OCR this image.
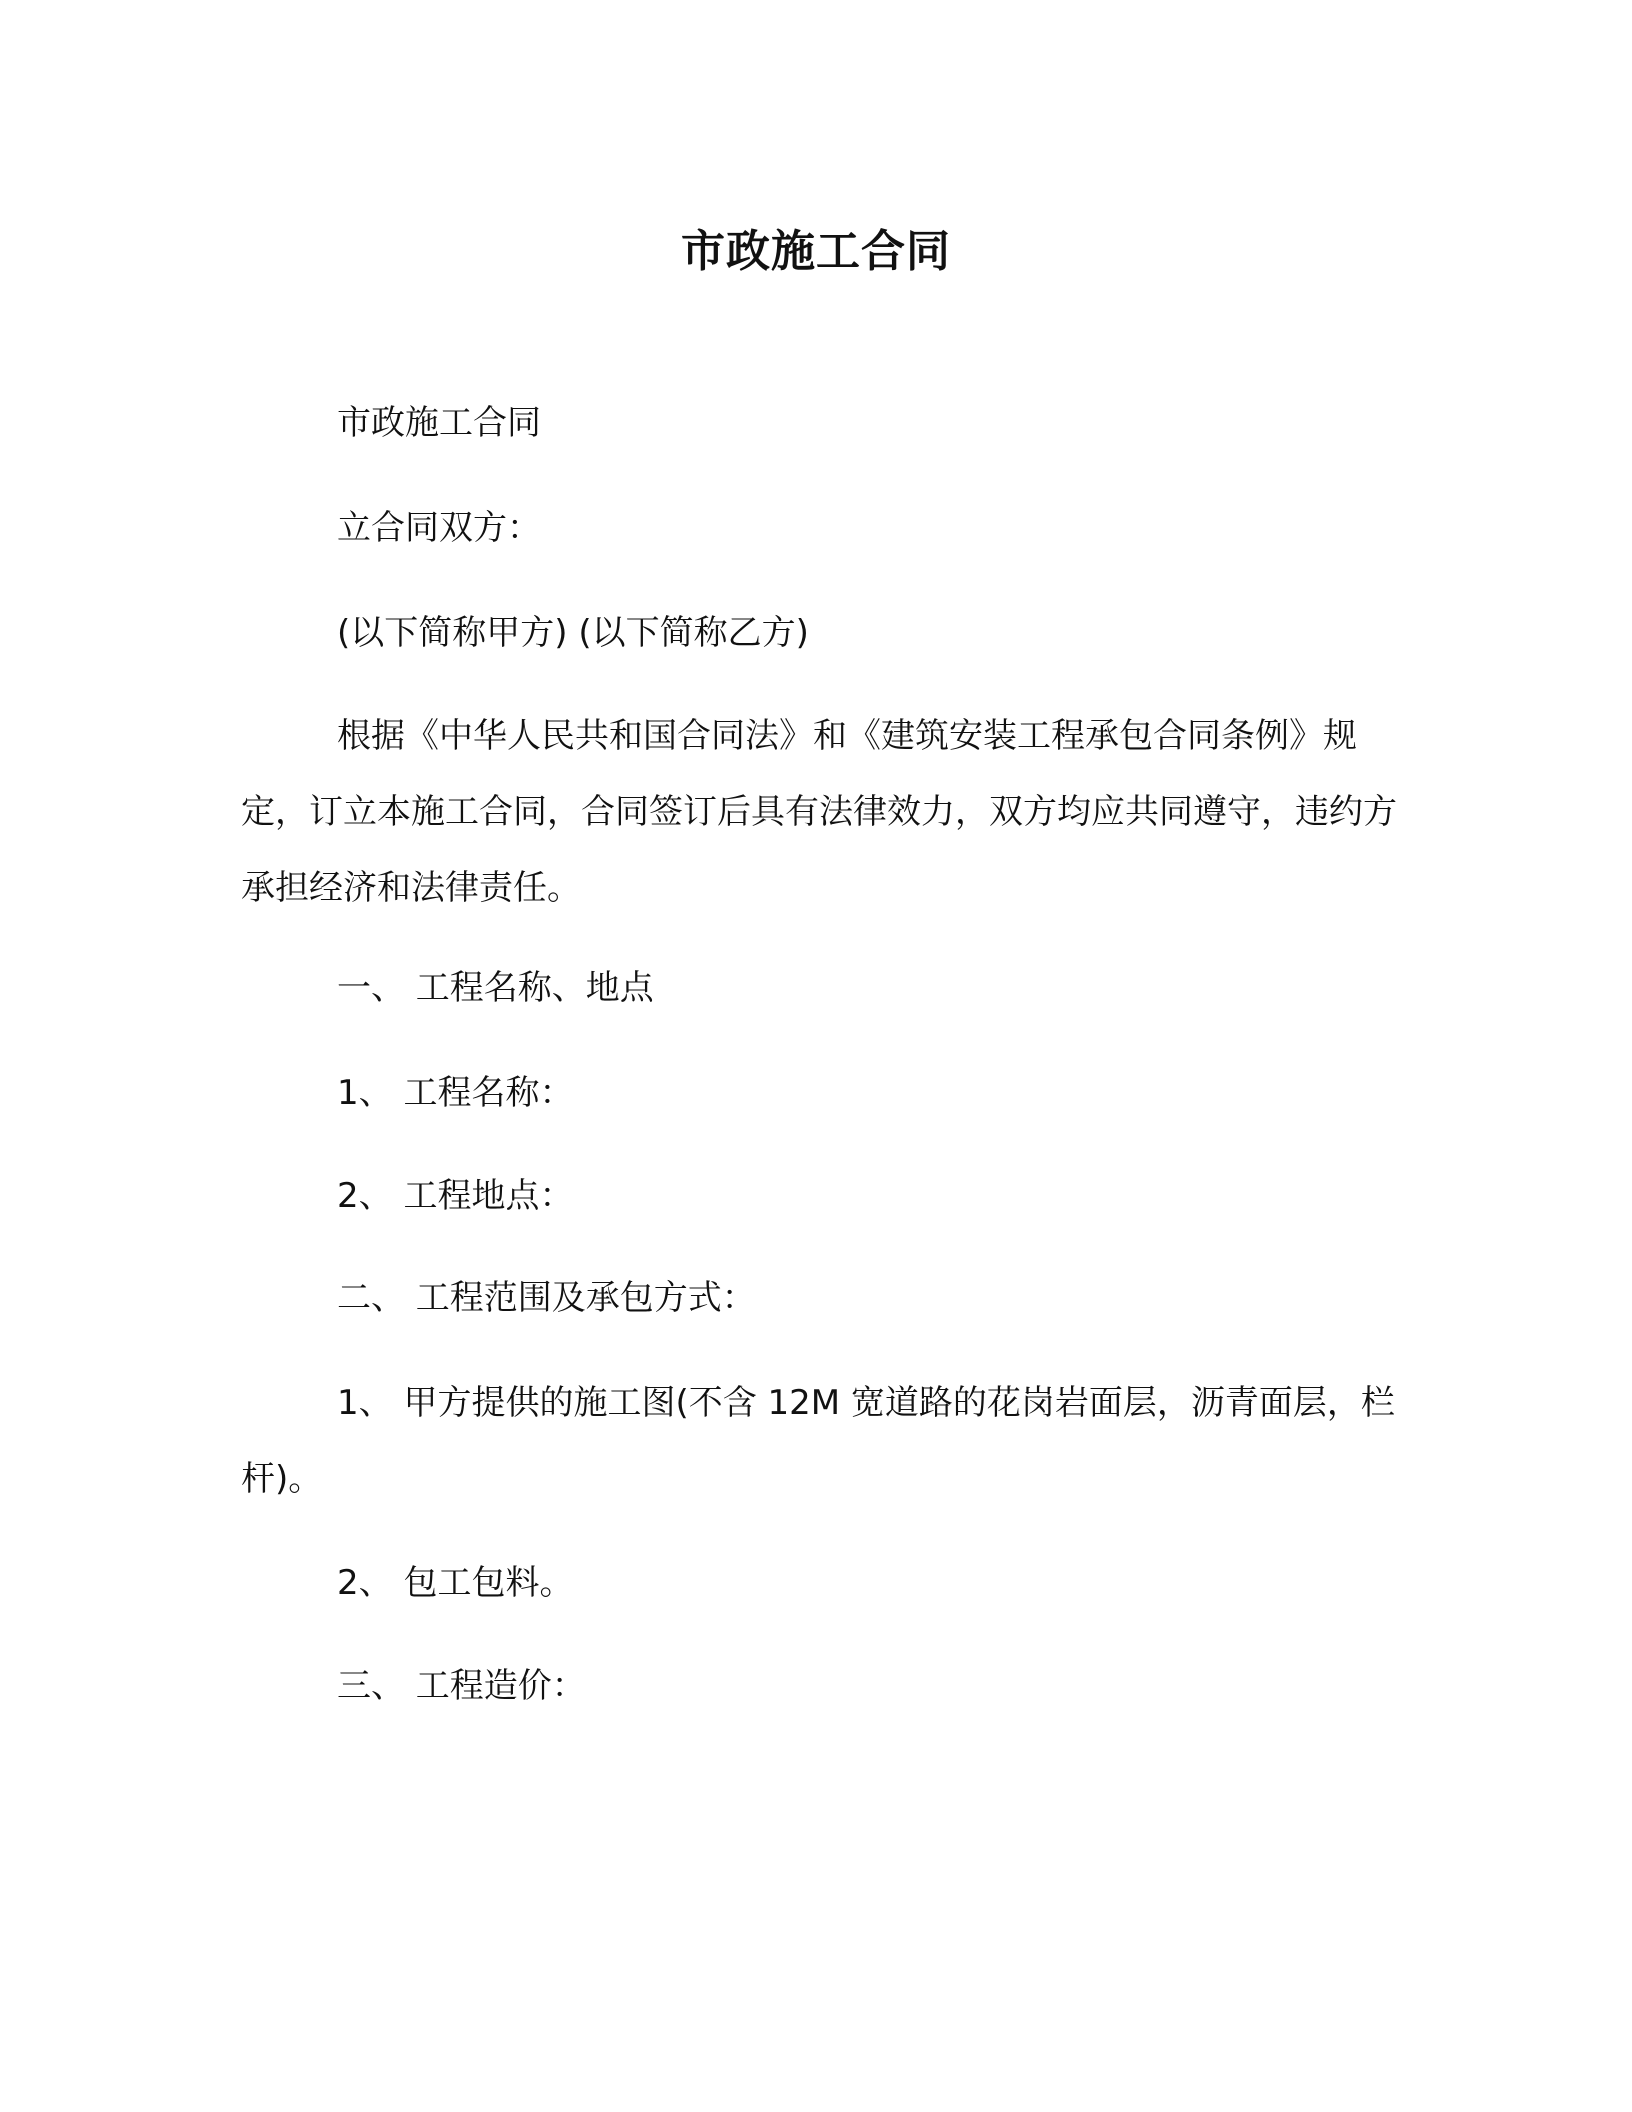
市政施工合同

市政施工合同

立合同双方：

(以下简称甲方) (以下简称乙方)

根据《中华人民共和国合同法》和《建筑安装工程承包合同条例》规定，订立本施工合同，合同签订后具有法律效力，双方均应共同遵守，违约方承担经济和法律责任。

一、 工程名称、地点

1、 工程名称：

2、 工程地点：

二、 工程范围及承包方式：

1、 甲方提供的施工图(不含 12M 宽道路的花岗岩面层，沥青面层，栏杆)。

2、 包工包料。

三、 工程造价：
